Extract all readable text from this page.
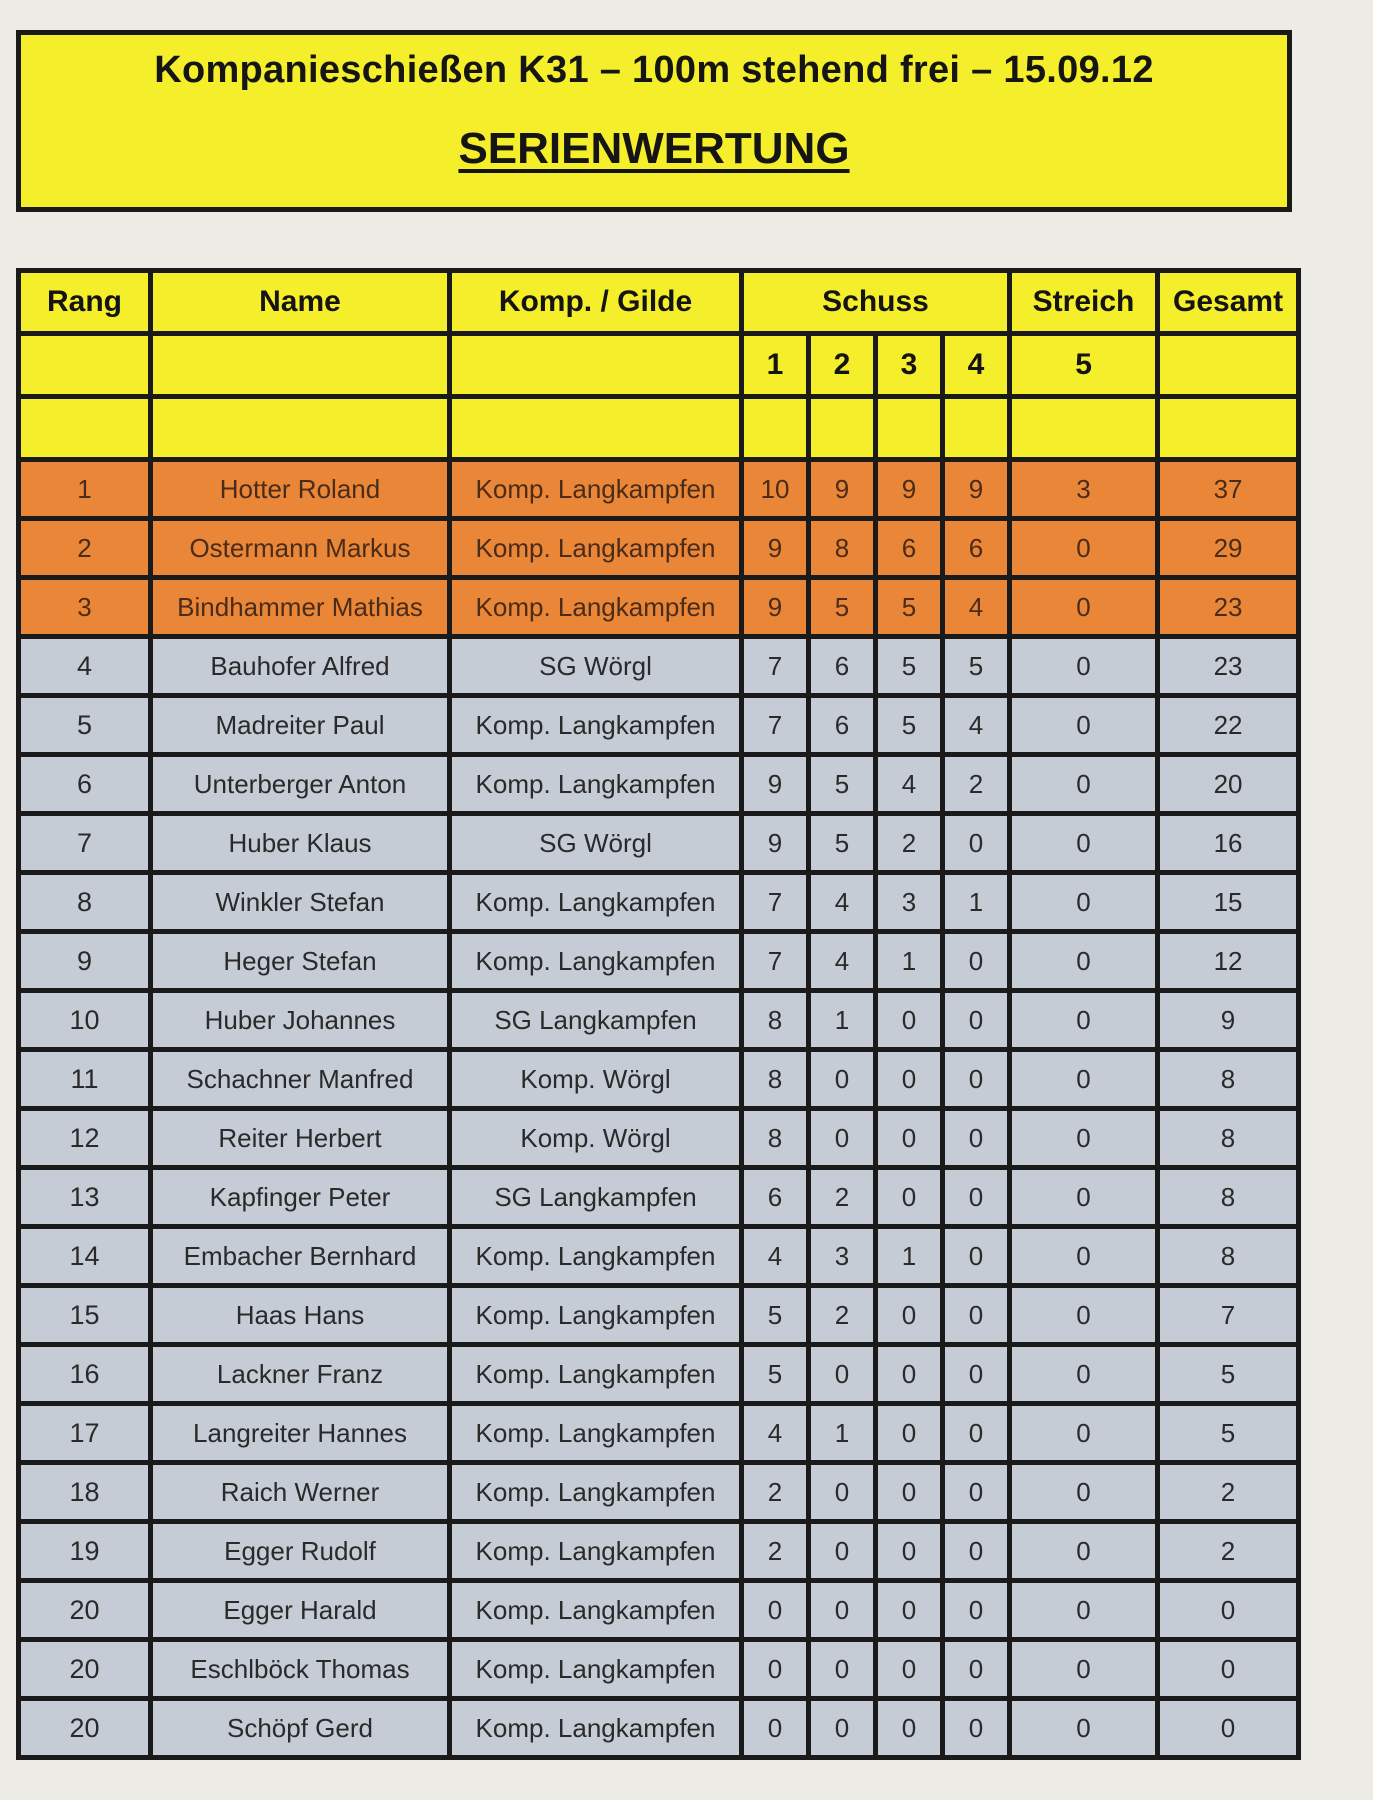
Kompanieschießen K31 – 100m stehend frei – 15.09.12
SERIENWERTUNG
Rang	Name	Komp. / Gilde	Schuss				Streich	Gesamt
			1	2	3	4	5	

1	Hotter Roland	Komp. Langkampfen	10	9	9	9	3	37
2	Ostermann Markus	Komp. Langkampfen	9	8	6	6	0	29
3	Bindhammer Mathias	Komp. Langkampfen	9	5	5	4	0	23
4	Bauhofer Alfred	SG Wörgl	7	6	5	5	0	23
5	Madreiter Paul	Komp. Langkampfen	7	6	5	4	0	22
6	Unterberger Anton	Komp. Langkampfen	9	5	4	2	0	20
7	Huber Klaus	SG Wörgl	9	5	2	0	0	16
8	Winkler Stefan	Komp. Langkampfen	7	4	3	1	0	15
9	Heger Stefan	Komp. Langkampfen	7	4	1	0	0	12
10	Huber Johannes	SG Langkampfen	8	1	0	0	0	9
11	Schachner Manfred	Komp. Wörgl	8	0	0	0	0	8
12	Reiter Herbert	Komp. Wörgl	8	0	0	0	0	8
13	Kapfinger Peter	SG Langkampfen	6	2	0	0	0	8
14	Embacher Bernhard	Komp. Langkampfen	4	3	1	0	0	8
15	Haas Hans	Komp. Langkampfen	5	2	0	0	0	7
16	Lackner Franz	Komp. Langkampfen	5	0	0	0	0	5
17	Langreiter Hannes	Komp. Langkampfen	4	1	0	0	0	5
18	Raich Werner	Komp. Langkampfen	2	0	0	0	0	2
19	Egger Rudolf	Komp. Langkampfen	2	0	0	0	0	2
20	Egger Harald	Komp. Langkampfen	0	0	0	0	0	0
20	Eschlböck Thomas	Komp. Langkampfen	0	0	0	0	0	0
20	Schöpf Gerd	Komp. Langkampfen	0	0	0	0	0	0
